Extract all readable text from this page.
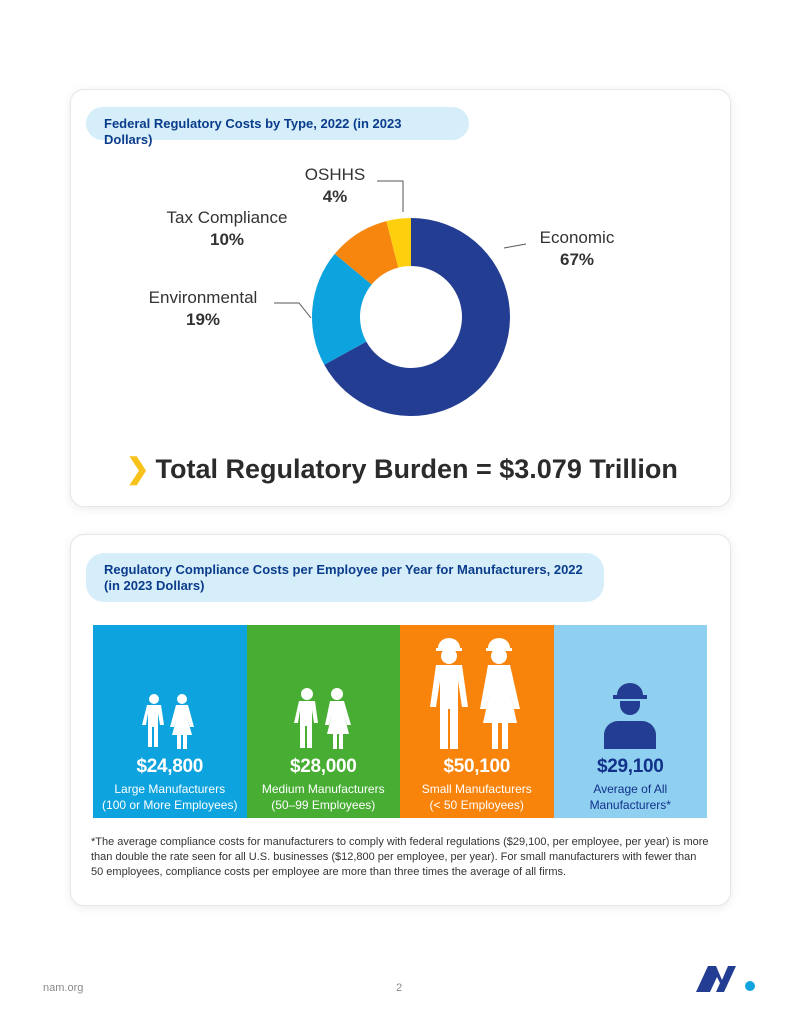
Federal Regulatory Costs by Type, 2022 (in 2023 Dollars)
Economic
67%
Environmental
19%
Tax Compliance
10%
OSHHS
4%
❯ Total Regulatory Burden = $3.079 Trillion
Regulatory Compliance Costs per Employee per Year for Manufacturers, 2022 (in 2023 Dollars)
$24,800
Large Manufacturers
(100 or More Employees)
$28,000
Medium Manufacturers
(50–99 Employees)
$50,100
Small Manufacturers
(< 50 Employees)
$29,100
Average of All
Manufacturers*
*The average compliance costs for manufacturers to comply with federal regulations ($29,100, per employee, per year) is more than double the rate seen for all U.S. businesses ($12,800 per employee, per year). For small manufacturers with fewer than 50 employees, compliance costs per employee are more than three times the average of all firms.
nam.org	2
